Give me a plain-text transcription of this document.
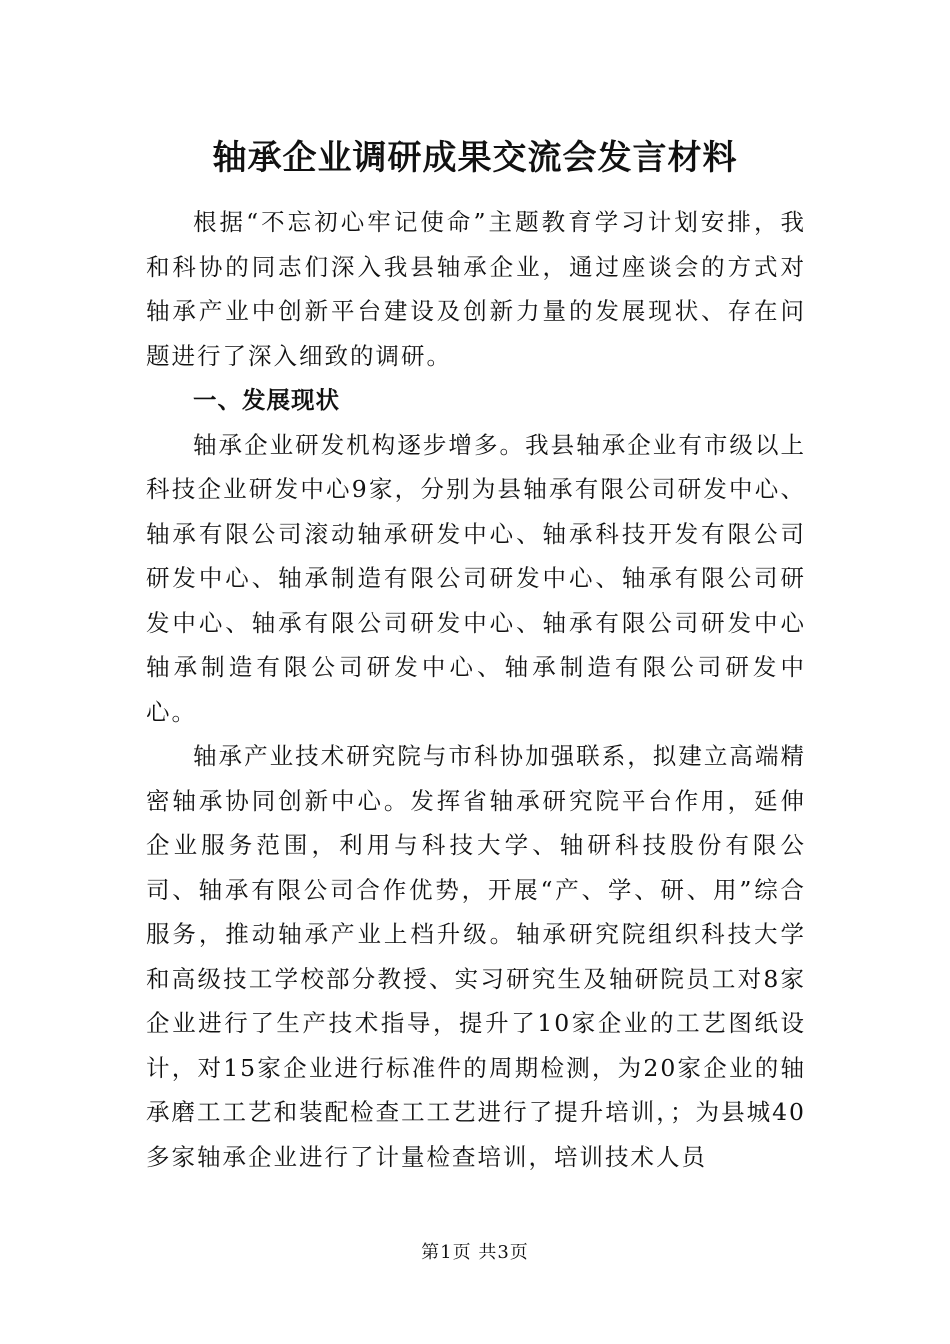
轴承企业调研成果交流会发言材料

根据“不忘初心牢记使命”主题教育学习计划安排，我和科协的同志们深入我县轴承企业，通过座谈会的方式对轴承产业中创新平台建设及创新力量的发展现状、存在问题进行了深入细致的调研。

一、发展现状

轴承企业研发机构逐步增多。我县轴承企业有市级以上科技企业研发中心9家，分别为县轴承有限公司研发中心、轴承有限公司滚动轴承研发中心、轴承科技开发有限公司研发中心、轴承制造有限公司研发中心、轴承有限公司研发中心、轴承有限公司研发中心、轴承有限公司研发中心轴承制造有限公司研发中心、轴承制造有限公司研发中心。

轴承产业技术研究院与市科协加强联系，拟建立高端精密轴承协同创新中心。发挥省轴承研究院平台作用，延伸企业服务范围，利用与科技大学、轴研科技股份有限公司、轴承有限公司合作优势，开展“产、学、研、用”综合服务，推动轴承产业上档升级。轴承研究院组织科技大学和高级技工学校部分教授、实习研究生及轴研院员工对8家企业进行了生产技术指导，提升了10家企业的工艺图纸设计，对15家企业进行标准件的周期检测，为20家企业的轴承磨工工艺和装配检查工工艺进行了提升培训，；为县城40多家轴承企业进行了计量检查培训，培训技术人员

第1页 共3页
